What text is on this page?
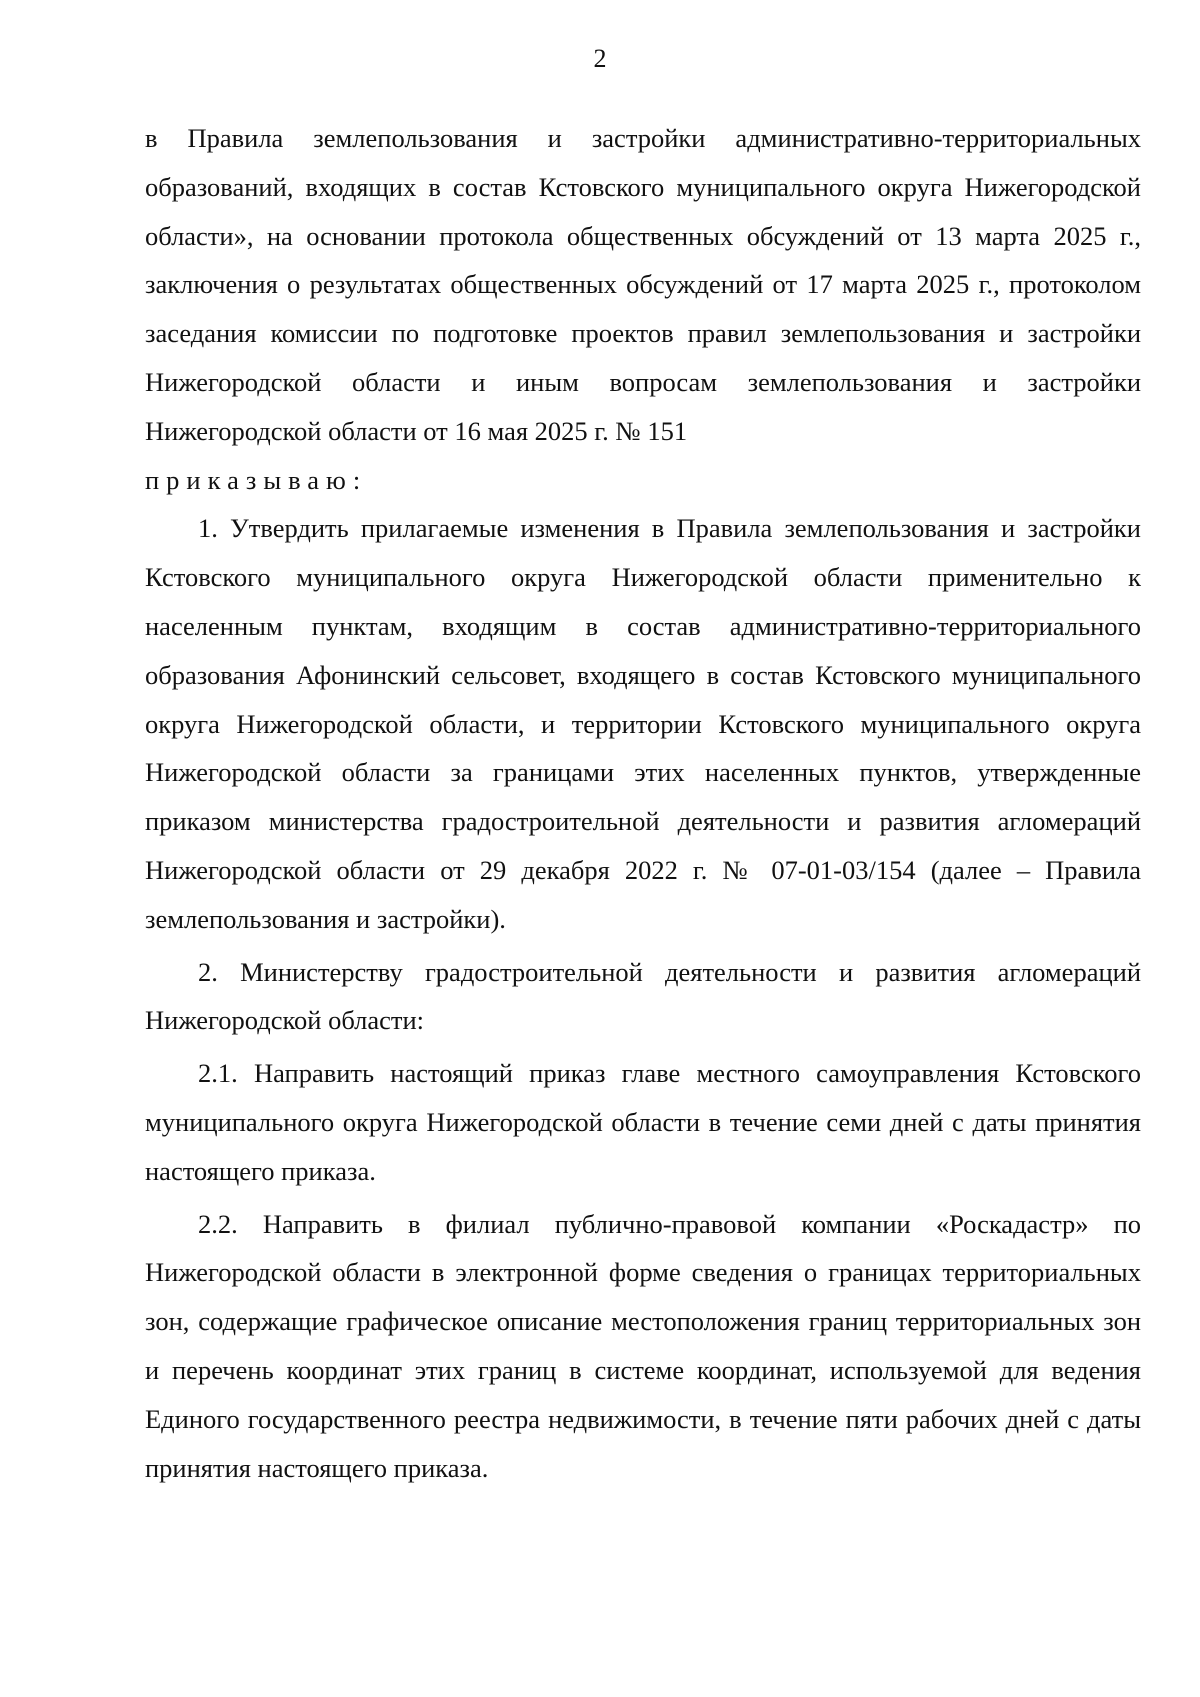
2

в Правила землепользования и застройки административно-территориальных образований, входящих в состав Кстовского муниципального округа Нижегородской области», на основании протокола общественных обсуждений от 13 марта 2025 г., заключения о результатах общественных обсуждений от 17 марта 2025 г., протоколом заседания комиссии по подготовке проектов правил землепользования и застройки Нижегородской области и иным вопросам землепользования и застройки Нижегородской области от 16 мая 2025 г. № 151

приказываю:

1. Утвердить прилагаемые изменения в Правила землепользования и застройки Кстовского муниципального округа Нижегородской области применительно к населенным пунктам, входящим в состав административно-территориального образования Афонинский сельсовет, входящего в состав Кстовского муниципального округа Нижегородской области, и территории Кстовского муниципального округа Нижегородской области за границами этих населенных пунктов, утвержденные приказом министерства градостроительной деятельности и развития агломераций Нижегородской области от 29 декабря 2022 г. № 07-01-03/154 (далее – Правила землепользования и застройки).

2. Министерству градостроительной деятельности и развития агломераций Нижегородской области:

2.1. Направить настоящий приказ главе местного самоуправления Кстовского муниципального округа Нижегородской области в течение семи дней с даты принятия настоящего приказа.

2.2. Направить в филиал публично-правовой компании «Роскадастр» по Нижегородской области в электронной форме сведения о границах территориальных зон, содержащие графическое описание местоположения границ территориальных зон и перечень координат этих границ в системе координат, используемой для ведения Единого государственного реестра недвижимости, в течение пяти рабочих дней с даты принятия настоящего приказа.
